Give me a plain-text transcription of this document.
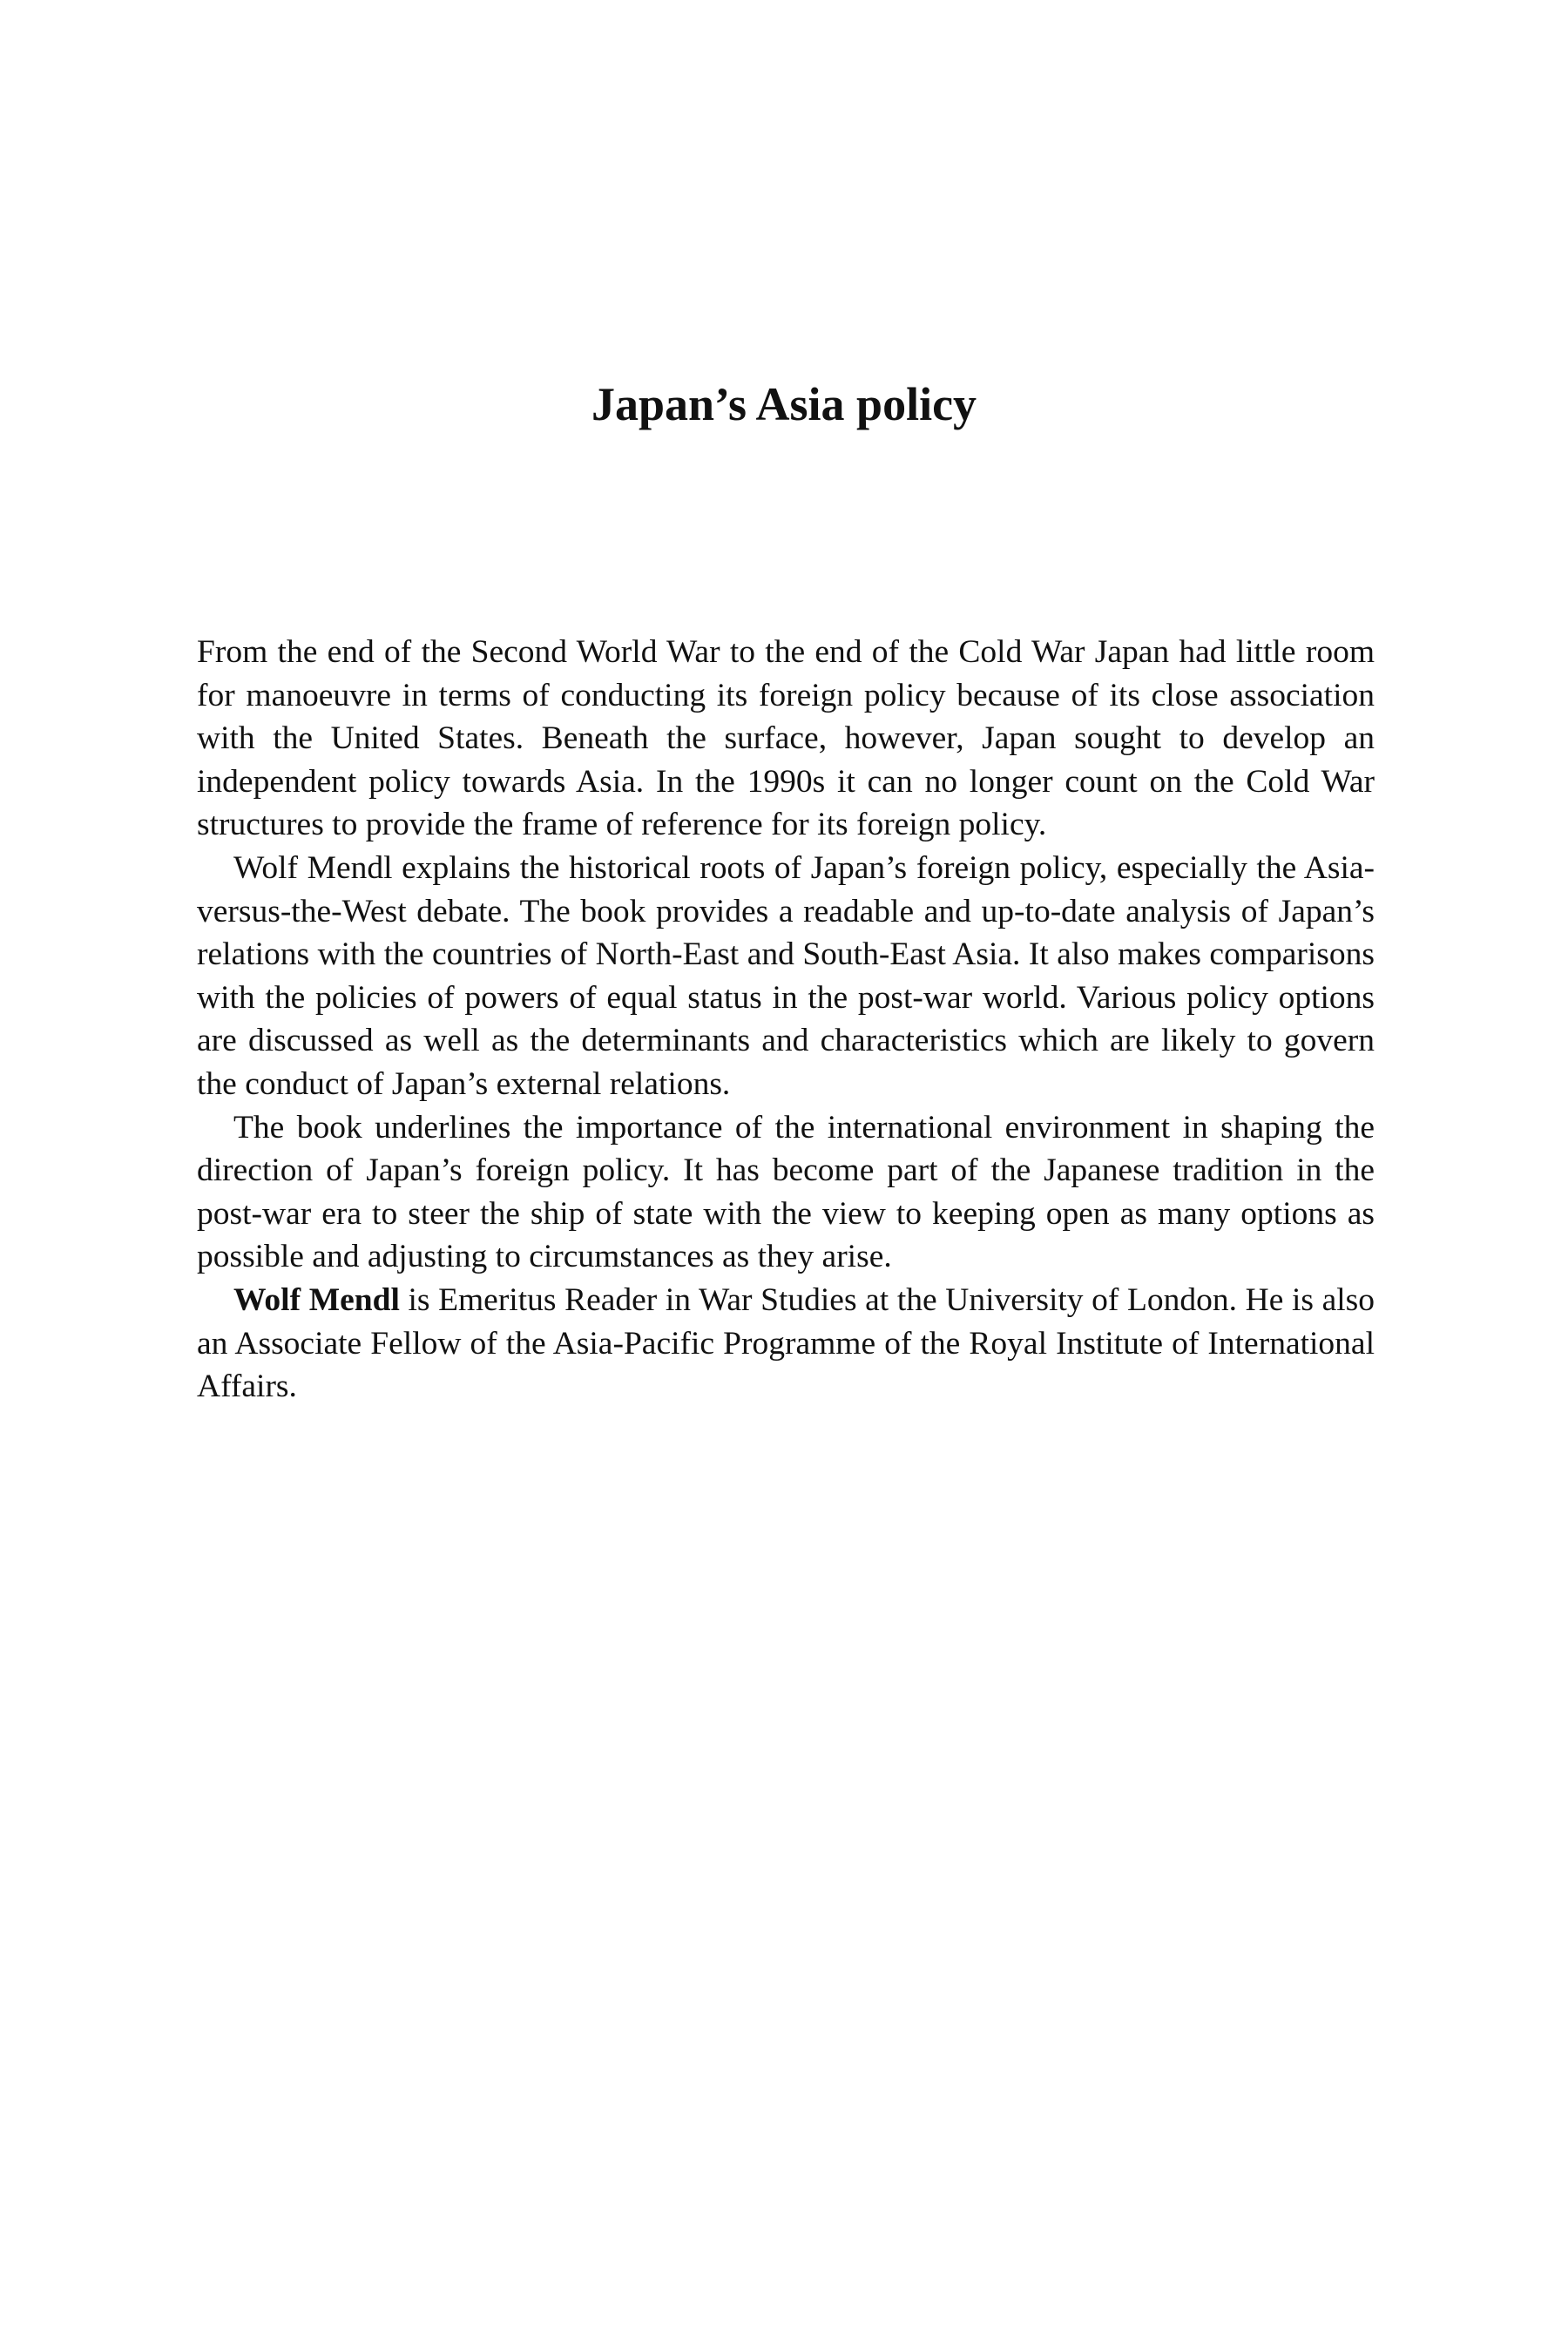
Japan’s Asia policy

From the end of the Second World War to the end of the Cold War Japan had little room for manoeuvre in terms of conducting its foreign policy because of its close association with the United States. Beneath the surface, however, Japan sought to develop an independent policy towards Asia. In the 1990s it can no longer count on the Cold War structures to provide the frame of reference for its foreign policy.

Wolf Mendl explains the historical roots of Japan’s foreign policy, especially the Asia-versus-the-West debate. The book provides a readable and up-to-date analysis of Japan’s relations with the countries of North-East and South-East Asia. It also makes comparisons with the policies of powers of equal status in the post-war world. Various policy options are discussed as well as the determinants and characteristics which are likely to govern the conduct of Japan’s external relations.

The book underlines the importance of the international environment in shaping the direction of Japan’s foreign policy. It has become part of the Japanese tradition in the post-war era to steer the ship of state with the view to keeping open as many options as possible and adjusting to circumstances as they arise.

Wolf Mendl is Emeritus Reader in War Studies at the University of London. He is also an Associate Fellow of the Asia-Pacific Programme of the Royal Institute of International Affairs.
